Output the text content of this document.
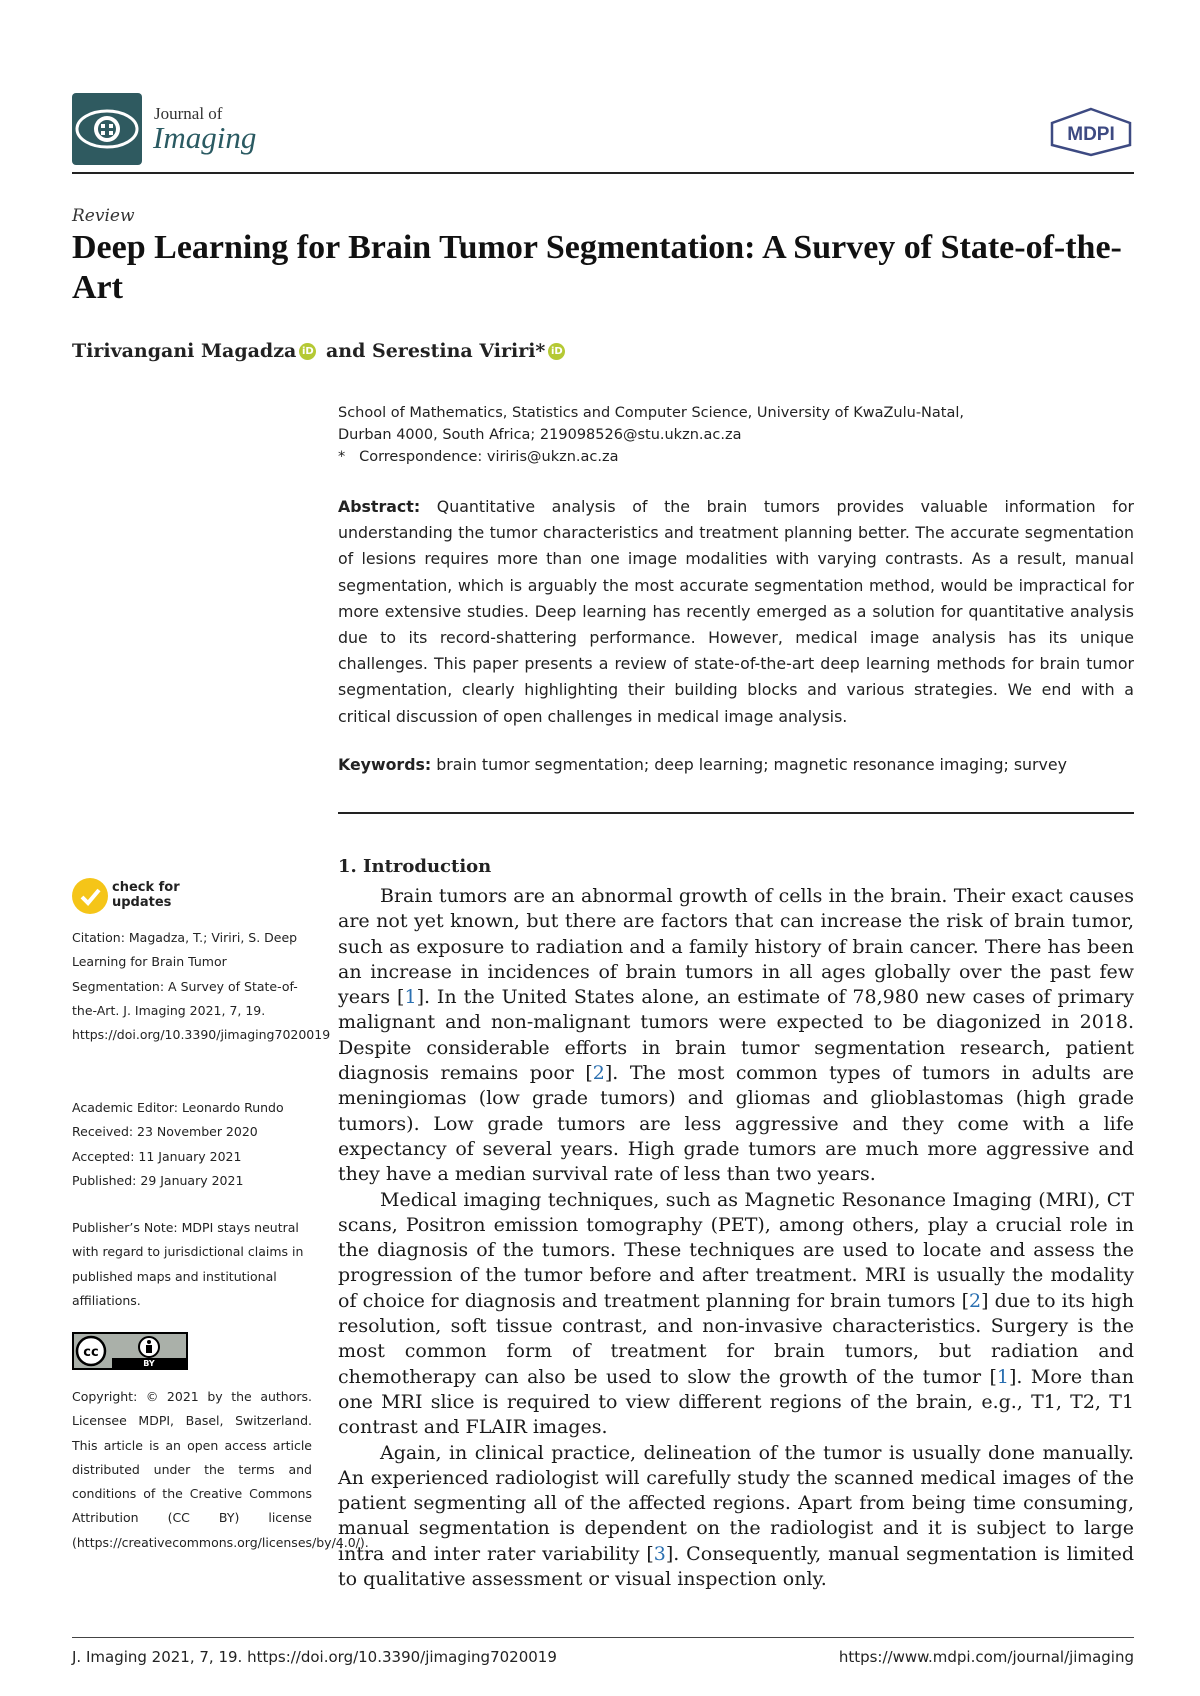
Journal of
Imaging	MDPI
Review
Deep Learning for Brain Tumor Segmentation: A Survey of State-of-the-Art
Tirivangani Magadza iD and Serestina Viriri* iD
School of Mathematics, Statistics and Computer Science, University of KwaZulu-Natal,
Durban 4000, South Africa; 219098526@stu.ukzn.ac.za
*   Correspondence: viriris@ukzn.ac.za
Abstract: Quantitative analysis of the brain tumors provides valuable information for understanding the tumor characteristics and treatment planning better. The accurate segmentation of lesions requires more than one image modalities with varying contrasts. As a result, manual segmentation, which is arguably the most accurate segmentation method, would be impractical for more extensive studies. Deep learning has recently emerged as a solution for quantitative analysis due to its record-shattering performance. However, medical image analysis has its unique challenges. This paper presents a review of state-of-the-art deep learning methods for brain tumor segmentation, clearly highlighting their building blocks and various strategies. We end with a critical discussion of open challenges in medical image analysis.
Keywords: brain tumor segmentation; deep learning; magnetic resonance imaging; survey
check for updates
Citation: Magadza, T.; Viriri, S. Deep Learning for Brain Tumor Segmentation: A Survey of State-of-the-Art. J. Imaging 2021, 7, 19. https://doi.org/10.3390/jimaging7020019
Academic Editor: Leonardo Rundo
Received: 23 November 2020
Accepted: 11 January 2021
Published: 29 January 2021
Publisher’s Note: MDPI stays neutral with regard to jurisdictional claims in published maps and institutional affiliations.
cc
BY
Copyright: © 2021 by the authors. Licensee MDPI, Basel, Switzerland. This article is an open access article distributed under the terms and conditions of the Creative Commons Attribution (CC BY) license (https://creativecommons.org/licenses/by/4.0/).
1. Introduction

Brain tumors are an abnormal growth of cells in the brain. Their exact causes are not yet known, but there are factors that can increase the risk of brain tumor, such as exposure to radiation and a family history of brain cancer. There has been an increase in incidences of brain tumors in all ages globally over the past few years [1]. In the United States alone, an estimate of 78,980 new cases of primary malignant and non-malignant tumors were expected to be diagonized in 2018. Despite considerable efforts in brain tumor segmentation research, patient diagnosis remains poor [2]. The most common types of tumors in adults are meningiomas (low grade tumors) and gliomas and glioblastomas (high grade tumors). Low grade tumors are less aggressive and they come with a life expectancy of several years. High grade tumors are much more aggressive and they have a median survival rate of less than two years.

Medical imaging techniques, such as Magnetic Resonance Imaging (MRI), CT scans, Positron emission tomography (PET), among others, play a crucial role in the diagnosis of the tumors. These techniques are used to locate and assess the progression of the tumor before and after treatment. MRI is usually the modality of choice for diagnosis and treatment planning for brain tumors [2] due to its high resolution, soft tissue contrast, and non-invasive characteristics. Surgery is the most common form of treatment for brain tumors, but radiation and chemotherapy can also be used to slow the growth of the tumor [1]. More than one MRI slice is required to view different regions of the brain, e.g., T1, T2, T1 contrast and FLAIR images.

Again, in clinical practice, delineation of the tumor is usually done manually. An experienced radiologist will carefully study the scanned medical images of the patient segmenting all of the affected regions. Apart from being time consuming, manual segmentation is dependent on the radiologist and it is subject to large intra and inter rater variability [3]. Consequently, manual segmentation is limited to qualitative assessment or visual inspection only.

J. Imaging 2021, 7, 19. https://doi.org/10.3390/jimaging7020019	https://www.mdpi.com/journal/jimaging
